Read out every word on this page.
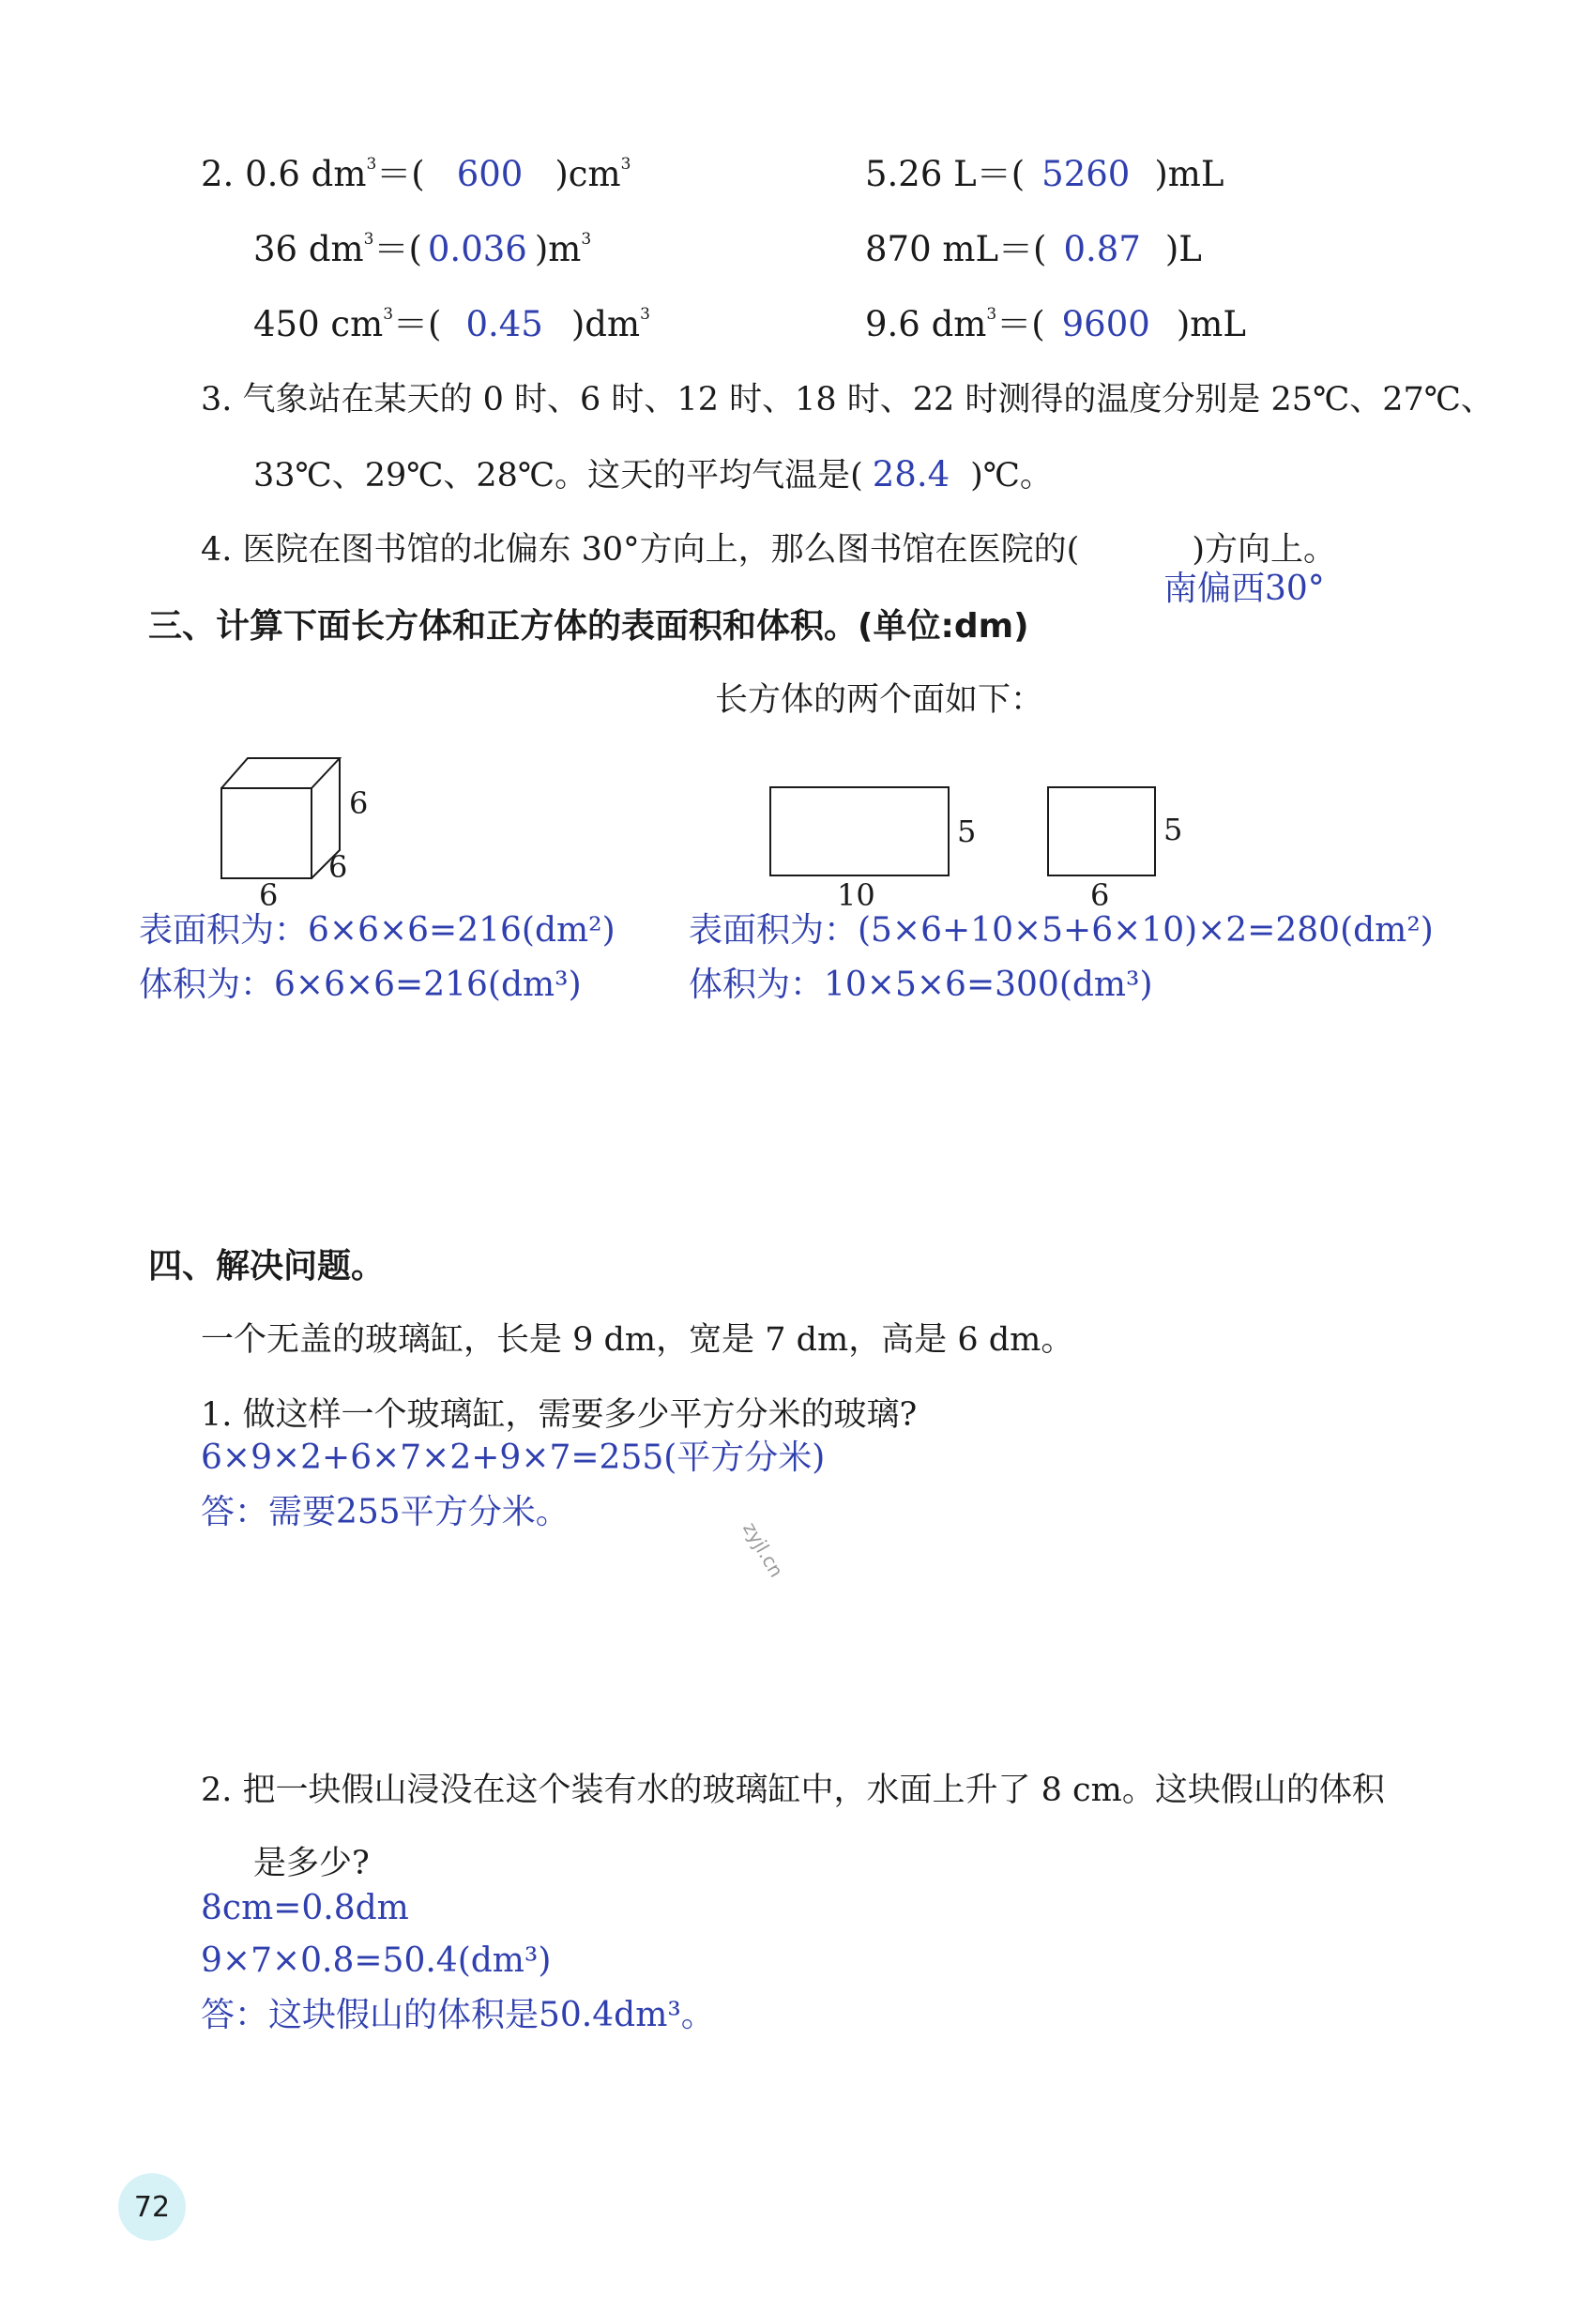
2. 0.6 $dm^3=$( 600 )$cm^3$	5.26 L＝( 5260 )mL
36 $dm^3=$( 0.036 )$m^3$	870 mL＝( 0.87 )L
450 $cm^3=$( 0.45 )$dm^3$	9.6 $dm^3=$( 9600 )mL
3. 气象站在某天的 0 时、6 时、12 时、18 时、22 时测得的温度分别是 25℃、27℃、
33℃、29℃、28℃。这天的平均气温是( 28.4 )℃。
4. 医院在图书馆的北偏东 30°方向上，那么图书馆在医院的(	)方向上。
南偏西30°
三、计算下面长方体和正方体的表面积和体积。(单位:dm)
长方体的两个面如下：
6
6
6
5
10
5
6
表面积为：6×6×6=216(dm²)
体积为：6×6×6=216(dm³)
表面积为：(5×6+10×5+6×10)×2=280(dm²)
体积为：10×5×6=300(dm³)
四、解决问题。
一个无盖的玻璃缸，长是 9 dm，宽是 7 dm，高是 6 dm。
1. 做这样一个玻璃缸，需要多少平方分米的玻璃?
6×9×2+6×7×2+9×7=255(平方分米)
答：需要255平方分米。
zyjl.cn
2. 把一块假山浸没在这个装有水的玻璃缸中，水面上升了 8 cm。这块假山的体积
是多少?
8cm=0.8dm
9×7×0.8=50.4(dm³)
答：这块假山的体积是50.4dm³。
72
